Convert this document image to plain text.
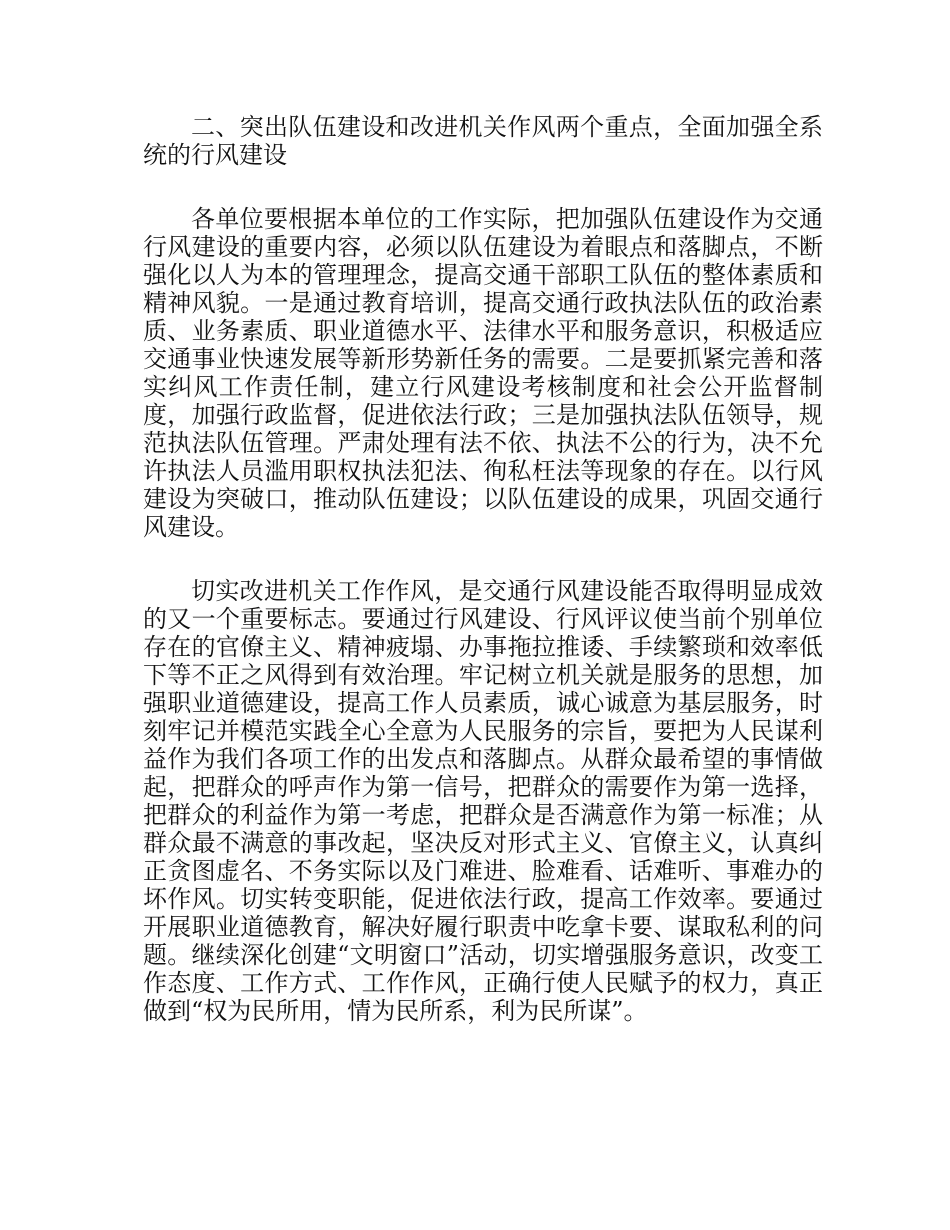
二、突出队伍建设和改进机关作风两个重点，全面加强全系统的行风建设

各单位要根据本单位的工作实际，把加强队伍建设作为交通行风建设的重要内容，必须以队伍建设为着眼点和落脚点，不断强化以人为本的管理理念，提高交通干部职工队伍的整体素质和精神风貌。一是通过教育培训，提高交通行政执法队伍的政治素质、业务素质、职业道德水平、法律水平和服务意识，积极适应交通事业快速发展等新形势新任务的需要。二是要抓紧完善和落实纠风工作责任制，建立行风建设考核制度和社会公开监督制度，加强行政监督，促进依法行政；三是加强执法队伍领导，规范执法队伍管理。严肃处理有法不依、执法不公的行为，决不允许执法人员滥用职权执法犯法、徇私枉法等现象的存在。以行风建设为突破口，推动队伍建设；以队伍建设的成果，巩固交通行风建设。

切实改进机关工作作风，是交通行风建设能否取得明显成效的又一个重要标志。要通过行风建设、行风评议使当前个别单位存在的官僚主义、精神疲塌、办事拖拉推诿、手续繁琐和效率低下等不正之风得到有效治理。牢记树立机关就是服务的思想，加强职业道德建设，提高工作人员素质，诚心诚意为基层服务，时刻牢记并模范实践全心全意为人民服务的宗旨，要把为人民谋利益作为我们各项工作的出发点和落脚点。从群众最希望的事情做起，把群众的呼声作为第一信号，把群众的需要作为第一选择，把群众的利益作为第一考虑，把群众是否满意作为第一标准；从群众最不满意的事改起，坚决反对形式主义、官僚主义，认真纠正贪图虚名、不务实际以及门难进、脸难看、话难听、事难办的坏作风。切实转变职能，促进依法行政，提高工作效率。要通过开展职业道德教育，解决好履行职责中吃拿卡要、谋取私利的问题。继续深化创建“文明窗口”活动，切实增强服务意识，改变工作态度、工作方式、工作作风，正确行使人民赋予的权力，真正做到“权为民所用，情为民所系，利为民所谋”。
